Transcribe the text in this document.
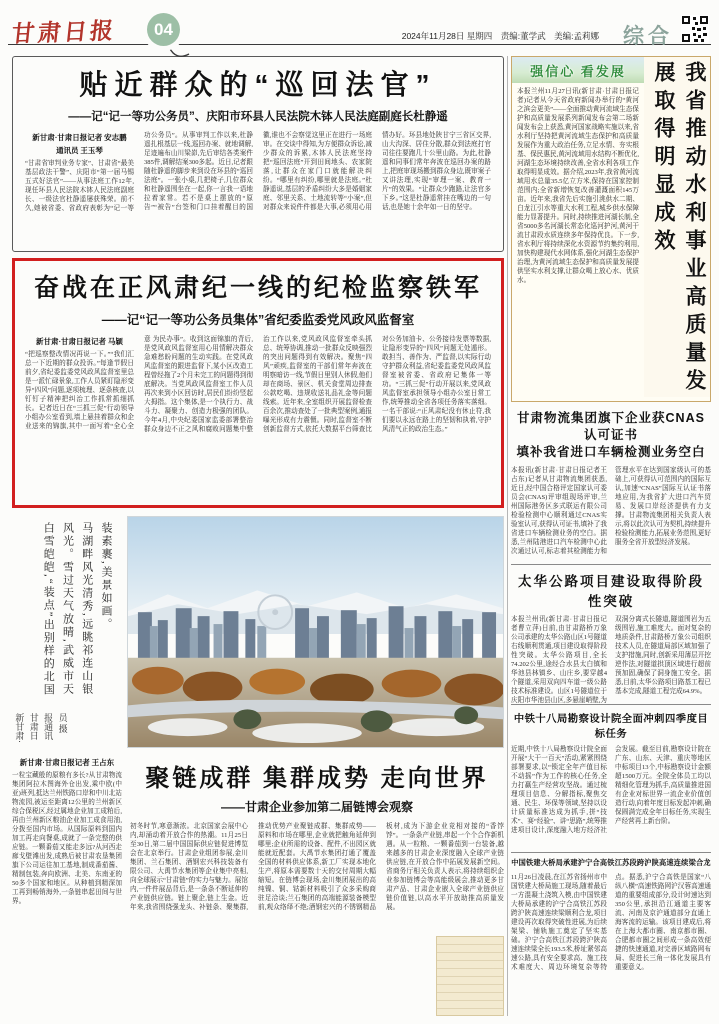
甘肃日报	04	2024年11月28日 星期四　责编:董学武　美编:孟莉娜 综合
贴近群众的“巡回法官”
——记“记一等功公务员”、庆阳市环县人民法院木钵人民法庭副庭长杜静遥
新甘肃·甘肃日报记者 安志鹏
通讯员 王玉琴
“甘肃省审判业务专家”、甘肃省“最美基层政法干警”、庆阳市“第一届马锡五式好法官”——从事法庭工作12年,现任环县人民法院木钵人民法庭副庭长、一级法官杜静遥屡获殊荣。前不久,她被省委、省政府表彰为“记一等功公务员”。从事审判工作以来,杜静遥扎根基层一线,巡回办案、就地调解,足迹遍布山川梁峁,先后审结各类案件385件,调解结案300多起。近日,记者跟随杜静遥的脚步来到设在环县的“巡回法庭”。一张小桌,几把椅子,几位群众和杜静遥围坐在一起,你一言我一语地拉着家常。若不是桌上摆放的“原告”“被告”台签和门口挂着醒目的国徽,谁也不会察觉这里正在进行一场庭审。在交谈中得知,为方便群众诉讼,减少群众的诉累,木钵人民法庭坚持把“巡回法庭”开到田间地头、农家院落,让群众在家门口就能解决纠纷。“哪里有纠纷,哪里就是法庭。”杜静遥说,基层的矛盾纠纷大多是婚姻家庭、邻里关系、土地流转等“小案”,但对群众来说件件都是大事,必须用心用情办好。环县地处陕甘宁三省区交界,山大沟深、居住分散,群众到法庭打官司往往要跑几十公里山路。为此,杜静遥和同事们常年奔波在巡回办案的路上,把庭审现场搬到群众身边,既审案子又讲法理,实现“审理一案、教育一片”的效果。“让群众少跑路,让法官多下乡。”这是杜静遥常挂在嘴边的一句话,也是她十余年如一日的坚守。
奋战在正风肃纪一线的纪检监察铁军
——记“记一等功公务员集体”省纪委监委党风政风监督室
新甘肃·甘肃日报记者 马颖
“把巡察整改情况再说一下。”“我们汇总一下近期的群众投诉。”每逢节假日前夕,省纪委监委党风政风监督室里总是一派忙碌景象,工作人员紧盯隐形变异“四风”问题,逐项梳理、逐条核查,以钉钉子精神把纠治工作抓常抓细抓长。记者近日在“三抓三促”行动领导小组办公室看到,墙上悬挂着群众和企业送来的锦旗,其中一面写着“全心全意 为民办事”。收到这面锦旗的背后,是党风政风监督室用心用情解决群众急难愁盼问题的生动实践。在党风政风监督室的跟进监督下,某小区改造工程曾经拖了2个月未完工的问题得到彻底解决。当党风政风监督室工作人员再次来到小区回访时,居民们纷纷竖起大拇指。这个集体,是一个执行力、战斗力、凝聚力、创造力极强的团队。今年4月,中央纪委国家监委部署整治群众身边不正之风和腐败问题集中整治工作以来,党风政风监督室牵头抓总、统筹协调,推动一批群众反映强烈的突出问题得到有效解决。聚焦“四风”顽疾,监督室的干部们常年奔波在明察暗访一线,节假日里别人休假,他们却在商场、景区、机关食堂周边排查公款吃喝、违规收送礼品礼金等问题线索。近年来,全室组织开展监督检查百余次,推动查处了一批典型案例,通报曝光形成有力震慑。同时,监督室不断创新监督方式,依托大数据平台筛查比对公务加油卡、公务接待发票等数据,让隐形变异的“四风”问题无处遁形。敢担当、善作为、严监督,以实际行动守护群众利益,省纪委监委党风政风监督室被省委、省政府记集体一等功。“三抓三促”行动开展以来,党风政风监督室承担领导小组办公室日常工作,统筹推动全省各项任务落实落细。一名干部说:“正风肃纪没有休止符,我们要以永远在路上的坚韧和执着,守护风清气正的政治生态。”
白雪皑皑,“装点”出别样的北国风光。雪过天气放晴,武威市天马湖畔风光清秀,远眺祁连山银装素裹,美景如画。
新甘肃·甘肃日报通讯员 摄
新甘肃·甘肃日报记者 王占东
一粒宝藏般的原粮有多长?从甘肃物流集团阿拉木图海外仓出发,乘中欧(中亚)班列,抵达兰州铁路口岸和中川北站物流园,被运至距离12公里的兰州新区综合保税区,经过属地企业加工成粕后,再由兰州新区粮油企业加工成食用油,分拨至国内市场。从国际原料到国内加工再走向餐桌,成就了一条完整的供应链。一颗番茄又能走多远?从河西走廊戈壁滩出发,成熟后被甘肃农垦集团旗下公司运往加工基地,制成番茄酱、精制包装,奔向欧洲、北美、东南亚的50多个国家和地区。从种植到精深加工再到畅销海外,一条链串起田间与世界。
聚链成群 集群成势 走向世界
——甘肃企业参加第二届链博会观察
初冬时节,寒意渐浓。北京国家会展中心内,却涌动着开放合作的热潮。11月25日至30日,第二届中国国际供应链促进博览会在北京举行。甘肃企业组团参展,金川集团、兰石集团、酒钢宏兴科技装备有限公司、大禹节水集团等企业集中亮相,向全球展示“甘肃链”的实力与魅力。展馆内,一件件展品背后,是一条条不断延伸的产业链供应链。链上聚企,链上生金。近年来,我省围绕强龙头、补链条、聚集群,推动优势产业聚链成群、集群成势——原料和市场在哪里,企业就把触角延伸到哪里;企业所需的设备、配件,不出园区就能就近配套。大禹节水集团打通了覆盖全国的材料供应体系,新工厂实现本地化生产,将原本需要数十天的交付周期大幅缩短。在链博会现场,金川集团展出的高纯镍、铜、钴新材料吸引了众多采购商驻足洽谈;兰石集团的高端能源装备模型前,观众络绎不绝;酒钢宏兴的不锈钢精品板材,成为下游企业竞相对接的“香饽饽”。一条条产业链,串起一个个合作新机遇。从一粒粮、一颗番茄到一台装备,越来越多的甘肃企业深度融入全球产业链供应链,在开放合作中拓展发展新空间。省商务厅相关负责人表示,将持续组织企业参加链博会等高能级展会,推动更多甘肃产品、甘肃企业嵌入全球产业链供应链价值链,以高水平开放助推高质量发展。
强信心 看发展
本报兰州11月27日讯(新甘肃·甘肃日报记者)记者从今天省政府新闻办举行的“黄河之滨会更美”——全面推动黄河流域生态保护和高质量发展系列新闻发布会第二场新闻发布会上获悉,黄河国家战略实施以来,省水利厅坚持把黄河流域生态保护和高质量发展作为重大政治任务,立足水情、夯实根基、保民惠民,黄河流域用水结构不断优化,河湖生态环境持续改善,全省水利各项工作取得明显成效。据介绍,2023年,我省黄河流域用水总量35.5亿立方米,保持在国家控制范围内;全省新增恢复改善灌溉面积145万亩。近年来,我省先后实施引洮供水二期、白龙江引水等重大水利工程,城乡供水保障能力显著提升。同时,持续推进河湖长制,全省5000多名河湖长常态化巡河护河,黄河干流甘肃段水质连续多年保持优良。下一步,省水利厅将持续深化水资源节约集约利用,加快构建现代水网体系,强化河湖生态保护治理,为黄河流域生态保护和高质量发展提供坚实水利支撑,让群众喝上放心水、优质水。	我省推动水利事业高质量发展取得明显成效
甘肃物流集团旗下企业获CNAS认可证书
填补我省进口车辆检测业务空白
本报讯(新甘肃·甘肃日报记者王占东)记者从甘肃物流集团获悉,近日,经中国合格评定国家认可委员会(CNAS)评审组现场评审,兰州国际港务区多式联运有限公司检验检测中心顺利通过CNAS实验室认可,获得认可证书,填补了我省进口车辆检测业务的空白。据悉,兰州陆港进口汽车检测中心此次通过认可,标志着其检测能力和管理水平在达到国家级认可的基础上,可获得认可范围内的国际互认,加速“CNAS”国际互认证书落地应用,为我省扩大进口汽车贸易、发展口岸经济提供有力支撑。甘肃物流集团相关负责人表示,将以此次认可为契机,持续提升检验检测能力,拓展业务范围,更好服务全省开放型经济发展。
太华公路项目建设取得阶段性突破
本报兰州讯(新甘肃·甘肃日报记者曹立萍)日前,由甘肃路桥万象公司承建的太华公路山区1号隧道右线顺利贯通,项目建设取得阶段性突破。太华公路项目,全长74.202公里,途经合水县太白镇和华池县林镇乡、山庄乡,要穿越4个隧道,采用双向四车道一级公路技术标准建设。山区1号隧道位于庆阳市华池县山区,多悬崖峭壁,为双洞分离式长隧道,隧道围岩为五级围岩,施工难度大。面对复杂的地质条件,甘肃路桥万象公司组织技术人员,在隧道局部区域加强了支护措施,同时,创新采用薄层开挖逆作法,对隧道拱顶区域进行超前预加固,确保了洞身施工安全。据悉,目前,太华公路项目路基工程已基本完成,隧道工程完成64.9%。
中铁十八局勘察设计院全面冲刺四季度目标任务
近期,中铁十八局勘察设计院全面开展“大干一百天”活动,紧紧围绕部署要求,以“锁定全年产值目标不动摇”作为工作的核心任务,全力打赢生产经营攻坚战。通过梳理项目信息、分解指标,聚焦交通、民生、环保等领域,坚持以设计质量标准达成为抓手,拼“技术”、赛“经验”、讲“思路”,统筹推进项目设计,深度融入地方经济社会发展。截至目前,勘察设计院在广东、山东、天津、重庆等地区中标项目13个,中标勘察设计金额超1500万元。全院全体员工均以精细化管理为抓手,高质量推进国有企业对标世界一流企业价值创造行动,向着年度目标发起冲刺,确保圆满完成全年目标任务,实现生产经营再上新台阶。
中国铁建大桥局承建沪宁合高铁江苏段跨沪陕高速连续梁合龙
11月26日凌晨,在江苏省扬州市中国铁建大桥局施工现场,随着最后一方混凝土浇筑入模,由中国铁建大桥局承建的沪宁合高铁江苏段跨沪陕高速连续梁顺利合龙,项目建设再次取得突破性进展,为后续架梁、铺轨施工奠定了坚实基础。沪宁合高铁江苏段跨沪陕高速连续梁全长193.5米,桥址紧邻高速公路,具有安全要求高、施工技术难度大、周边环境复杂等特点。据悉,沪宁合高铁是国家“八纵八横”高速铁路网沪汉蓉高速通道的重要组成部分,设计时速达到350公里,承担沿江通道主要客流、河南及京沪通道部分直通上海客流的运输。该项目建成后,将在上海大都市圈、南京都市圈、合肥都市圈之间形成一条高效便捷的快速通道,对完善区域路网布局、促进长三角一体化发展具有重要意义。
